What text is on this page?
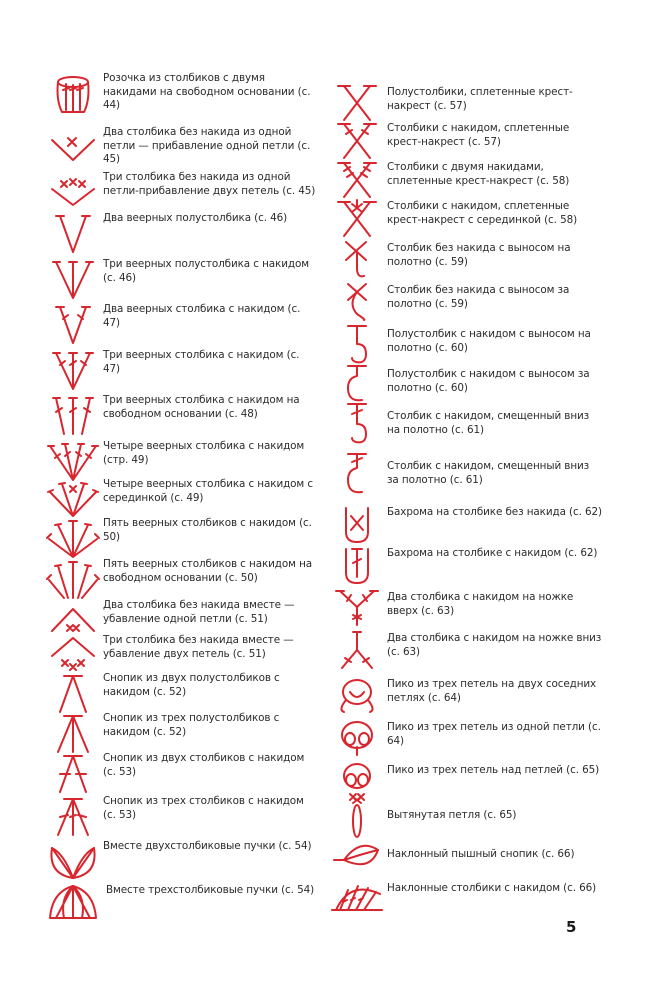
Розочка из столбиков с двумя накидами на свободном основании (с. 44)
Два столбика без накида из одной петли — прибавление одной петли (с. 45)
Три столбика без накида из одной петли-прибавление двух петель (с. 45)
Два веерных полустолбика (с. 46)
Три веерных полустолбика с накидом (с. 46)
Два веерных столбика с накидом (с. 47)
Три веерных столбика с накидом (с. 47)
Три веерных столбика с накидом на свободном основании (с. 48)
Четыре веерных столбика с накидом (стр. 49)
Четыре веерных столбика с накидом с серединкой (с. 49)
Пять веерных столбиков с накидом (с. 50)
Пять веерных столбиков с накидом на свободном основании (с. 50)
Два столбика без накида вместе — убавление одной петли (с. 51)
Три столбика без накида вместе — убавление двух петель (с. 51)
Снопик из двух полустолбиков с накидом (с. 52)
Снопик из трех полустолбиков с накидом (с. 52)
Снопик из двух столбиков с накидом (с. 53)
Снопик из трех столбиков с накидом (с. 53)
Вместе двухстолбиковые пучки (с. 54)
Вместе трехстолбиковые пучки (с. 54)
Полустолбики, сплетенные крест-накрест (с. 57)
Столбики с накидом, сплетенные крест-накрест (с. 57)
Столбики с двумя накидами, сплетенные крест-накрест (с. 58)
Столбики с накидом, сплетенные крест-накрест с серединкой (с. 58)
Столбик без накида с выносом на полотно (с. 59)
Столбик без накида с выносом за полотно (с. 59)
Полустолбик с накидом с выносом на полотно (с. 60)
Полустолбик с накидом с выносом за полотно (с. 60)
Столбик с накидом, смещенный вниз на полотно (с. 61)
Столбик с накидом, смещенный вниз за полотно (с. 61)
Бахрома на столбике без накида (с. 62)
Бахрома на столбике с накидом (с. 62)
Два столбика с накидом на ножке вверх (с. 63)
Два столбика с накидом на ножке вниз (с. 63)
Пико из трех петель на двух соседних петлях (с. 64)
Пико из трех петель из одной петли (с. 64)
Пико из трех петель над петлей (с. 65)
Вытянутая петля (с. 65)
Наклонный пышный снопик (с. 66)
Наклонные столбики с накидом (с. 66)
5
